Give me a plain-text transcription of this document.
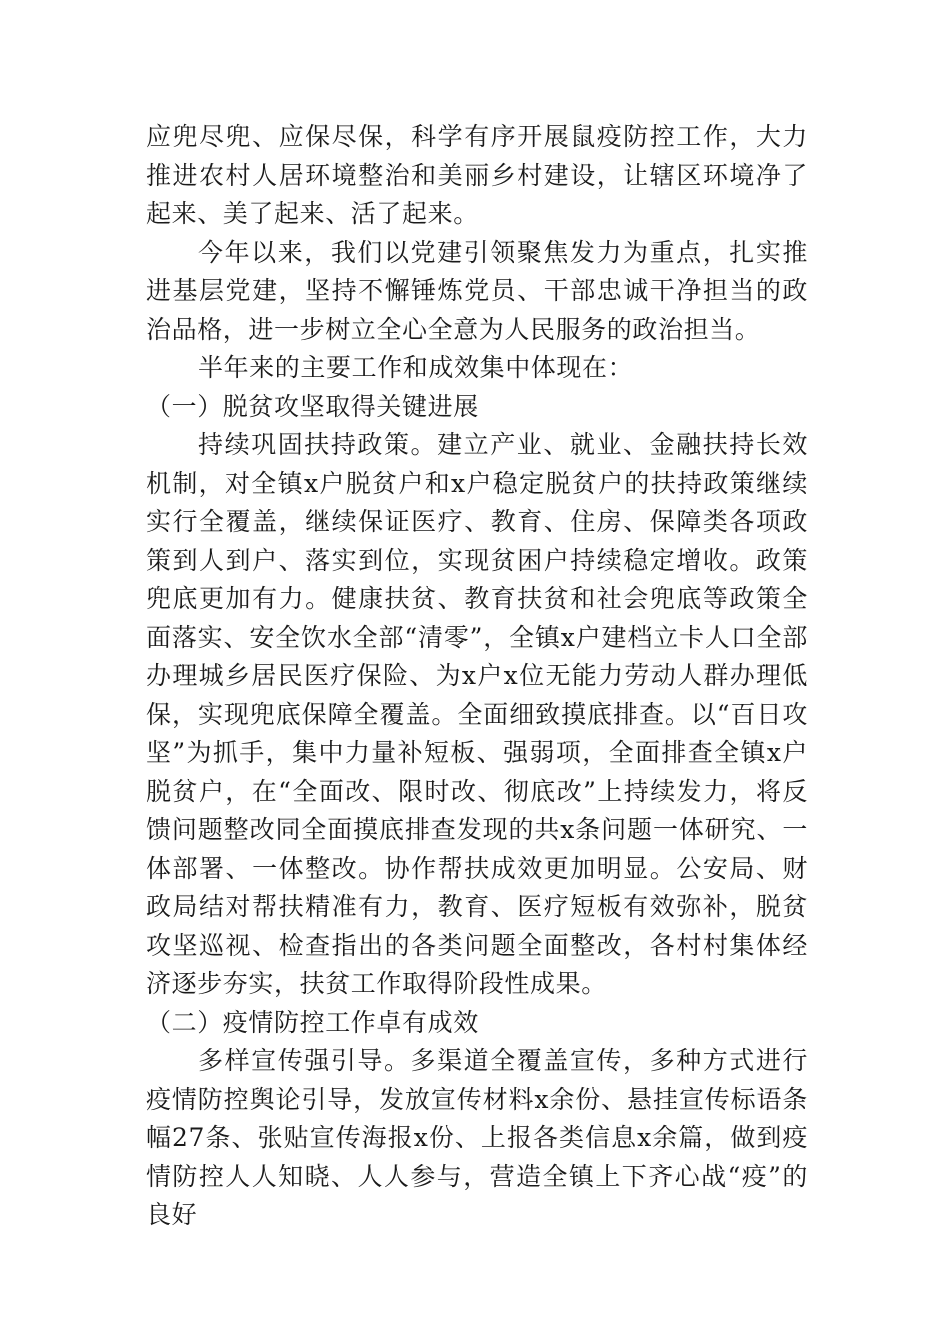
应兜尽兜、应保尽保，科学有序开展鼠疫防控工作，大力推进农村人居环境整治和美丽乡村建设，让辖区环境净了起来、美了起来、活了起来。

今年以来，我们以党建引领聚焦发力为重点，扎实推进基层党建，坚持不懈锤炼党员、干部忠诚干净担当的政治品格，进一步树立全心全意为人民服务的政治担当。

半年来的主要工作和成效集中体现在：

（一）脱贫攻坚取得关键进展

持续巩固扶持政策。建立产业、就业、金融扶持长效机制，对全镇x户脱贫户和x户稳定脱贫户的扶持政策继续实行全覆盖，继续保证医疗、教育、住房、保障类各项政策到人到户、落实到位，实现贫困户持续稳定增收。政策兜底更加有力。健康扶贫、教育扶贫和社会兜底等政策全面落实、安全饮水全部“清零”，全镇x户建档立卡人口全部办理城乡居民医疗保险、为x户x位无能力劳动人群办理低保，实现兜底保障全覆盖。全面细致摸底排查。以“百日攻坚”为抓手，集中力量补短板、强弱项，全面排查全镇x户脱贫户，在“全面改、限时改、彻底改”上持续发力，将反馈问题整改同全面摸底排查发现的共x条问题一体研究、一体部署、一体整改。协作帮扶成效更加明显。公安局、财政局结对帮扶精准有力，教育、医疗短板有效弥补，脱贫攻坚巡视、检查指出的各类问题全面整改，各村村集体经济逐步夯实，扶贫工作取得阶段性成果。

（二）疫情防控工作卓有成效

多样宣传强引导。多渠道全覆盖宣传，多种方式进行疫情防控舆论引导，发放宣传材料x余份、悬挂宣传标语条幅27条、张贴宣传海报x份、上报各类信息x余篇，做到疫情防控人人知晓、人人参与，营造全镇上下齐心战“疫”的良好
